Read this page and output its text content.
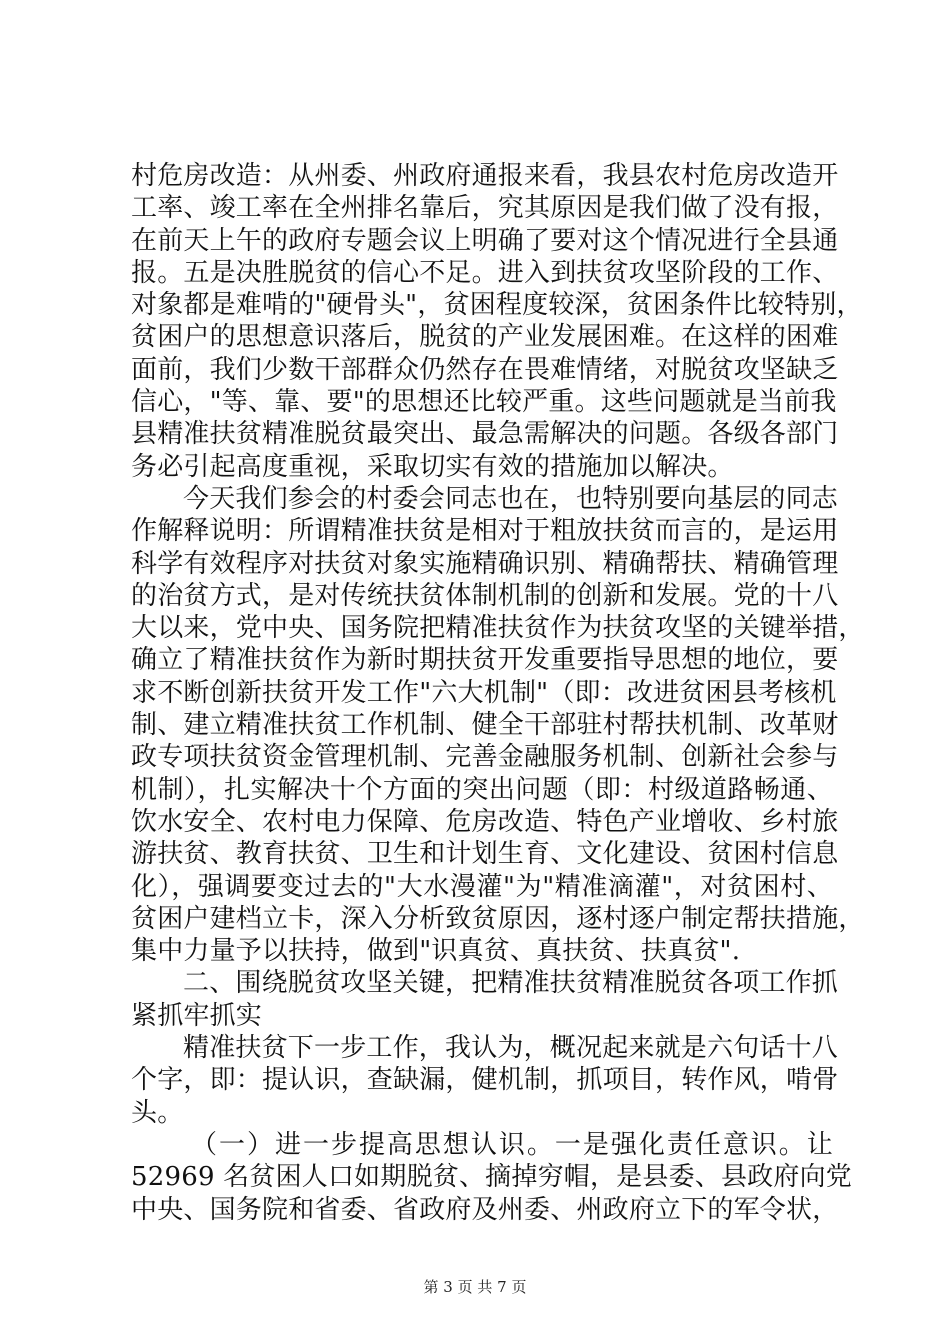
村危房改造：从州委、州政府通报来看，我县农村危房改造开
工率、竣工率在全州排名靠后，究其原因是我们做了没有报，
在前天上午的政府专题会议上明确了要对这个情况进行全县通
报。五是决胜脱贫的信心不足。进入到扶贫攻坚阶段的工作、
对象都是难啃的"硬骨头"，贫困程度较深，贫困条件比较特别，
贫困户的思想意识落后，脱贫的产业发展困难。在这样的困难
面前，我们少数干部群众仍然存在畏难情绪，对脱贫攻坚缺乏
信心，"等、靠、要"的思想还比较严重。这些问题就是当前我
县精准扶贫精准脱贫最突出、最急需解决的问题。各级各部门
务必引起高度重视，采取切实有效的措施加以解决。
今天我们参会的村委会同志也在，也特别要向基层的同志
作解释说明：所谓精准扶贫是相对于粗放扶贫而言的，是运用
科学有效程序对扶贫对象实施精确识别、精确帮扶、精确管理
的治贫方式，是对传统扶贫体制机制的创新和发展。党的十八
大以来，党中央、国务院把精准扶贫作为扶贫攻坚的关键举措，
确立了精准扶贫作为新时期扶贫开发重要指导思想的地位，要
求不断创新扶贫开发工作"六大机制"（即：改进贫困县考核机
制、建立精准扶贫工作机制、健全干部驻村帮扶机制、改革财
政专项扶贫资金管理机制、完善金融服务机制、创新社会参与
机制），扎实解决十个方面的突出问题（即：村级道路畅通、
饮水安全、农村电力保障、危房改造、特色产业增收、乡村旅
游扶贫、教育扶贫、卫生和计划生育、文化建设、贫困村信息
化），强调要变过去的"大水漫灌"为"精准滴灌"，对贫困村、
贫困户建档立卡，深入分析致贫原因，逐村逐户制定帮扶措施，
集中力量予以扶持，做到"识真贫、真扶贫、扶真贫".
二、围绕脱贫攻坚关键，把精准扶贫精准脱贫各项工作抓
紧抓牢抓实
精准扶贫下一步工作，我认为，概况起来就是六句话十八
个字，即：提认识，查缺漏，健机制，抓项目，转作风，啃骨
头。
（一）进一步提高思想认识。一是强化责任意识。让
52969 名贫困人口如期脱贫、摘掉穷帽，是县委、县政府向党
中央、国务院和省委、省政府及州委、州政府立下的军令状，
第 3 页 共 7 页
